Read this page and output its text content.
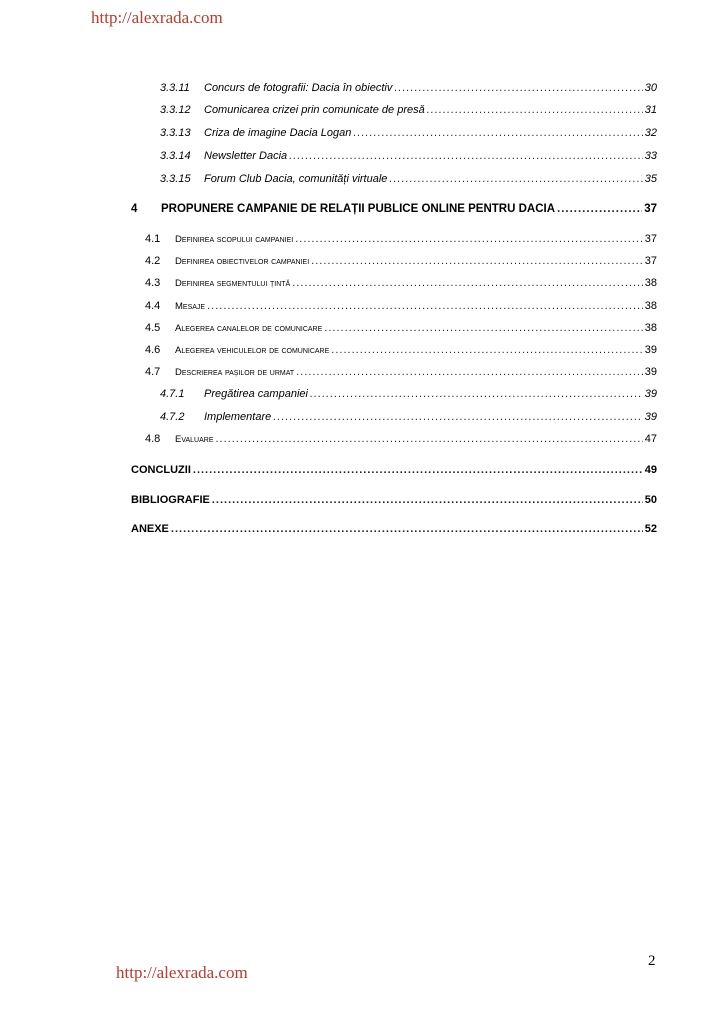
http://alexrada.com
3.3.11	Concurs de fotografii: Dacia în obiectiv .....	30
3.3.12	Comunicarea crizei prin comunicate de presă .....	31
3.3.13	Criza de imagine Dacia Logan .....	32
3.3.14	Newsletter Dacia .....	33
3.3.15	Forum Club Dacia, comunități virtuale .....	35
4	PROPUNERE CAMPANIE DE RELAȚII PUBLICE ONLINE PENTRU DACIA .....	37
4.1	Definirea scopului campaniei .....	37
4.2	Definirea obiectivelor campaniei .....	37
4.3	Definirea segmentului țintă .....	38
4.4	Mesaje .....	38
4.5	Alegerea canalelor de comunicare .....	38
4.6	Alegerea vehiculelor de comunicare .....	39
4.7	Descrierea pașilor de urmat .....	39
4.7.1	Pregătirea campaniei .....	39
4.7.2	Implementare .....	39
4.8	Evaluare .....	47
CONCLUZII .....	49
BIBLIOGRAFIE .....	50
ANEXE .....	52
2
http://alexrada.com
